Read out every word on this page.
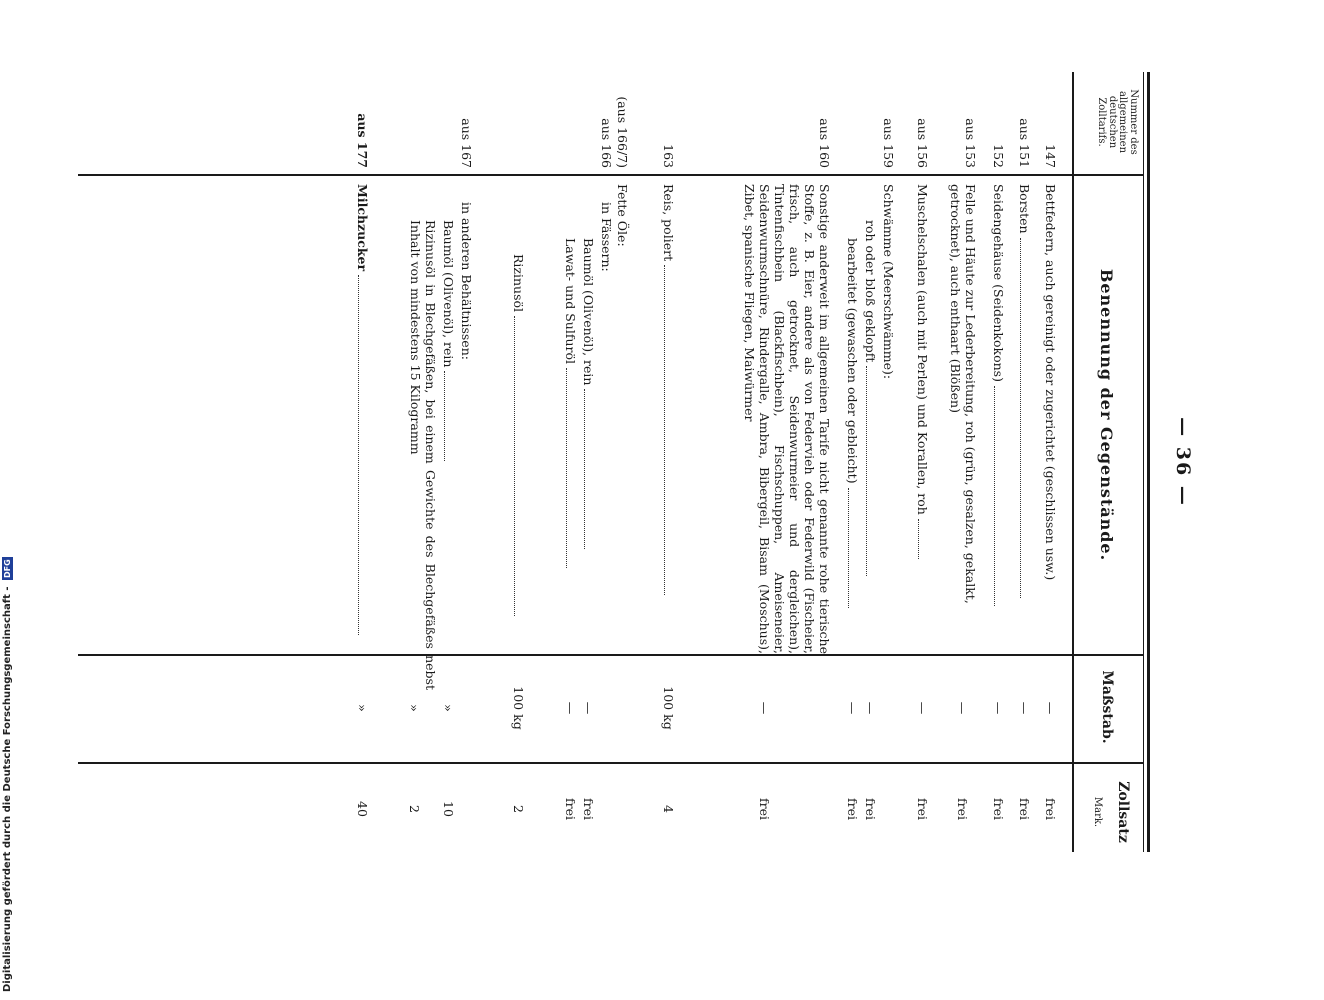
— 36 —
Nummer des allgemeinen deutschen Zolltarifs.
Benennung der Gegenstände.
Maßstab.
Zollsatz
Mark.
147
Bettfedern, auch gereinigt oder zugerichtet (geschlissen usw.)
—
frei
aus 151
Borsten
—
frei
152
Seidengehäuse (Seidenkokons)
—
frei
aus 153
Felle und Häute zur Lederbereitung, roh (grün, gesalzen, gekalkt, getrocknet), auch enthaart (Blößen)
—
frei
aus 156
Muschelschalen (auch mit Perlen) und Korallen, roh
—
frei
aus 159
Schwämme (Meerschwämme):
roh oder bloß geklopft
—
frei
bearbeitet (gewaschen oder gebleicht)
—
frei
aus 160
Sonstige anderweit im allgemeinen Tarife nicht genannte rohe tierische Stoffe, z. B. Eier, andere als von Federvieh oder Federwild (Fischeier, frisch, auch getrocknet, Seidenwurmeier und dergleichen), Tintenfischbein (Blackfischbein), Fischschuppen, Ameiseneier, Seidenwurmschnüre, Rindergalle, Ambra, Bibergeil, Bisam (Moschus), Zibet, spanische Fliegen, Maiwürmer
—
frei
163
Reis, poliert
100 kg
4
(aus 166/7)
Fette Öle:
aus 166
in Fässern:
Baumöl (Olivenöl), rein
—
frei
Lawat- und Sulfuröl
—
frei
Rizinusöl
100 kg
2
aus 167
in anderen Behältnissen:
Baumöl (Olivenöl), rein
»
10
Rizinusöl in Blechgefäßen, bei einem Gewichte des Blechgefäßes nebst Inhalt von mindestens 15 Kilogramm
»
2
aus 177
Milchzucker
»
40
Digitalisierung gefördert durch die Deutsche Forschungsgemeinschaft - DFG
